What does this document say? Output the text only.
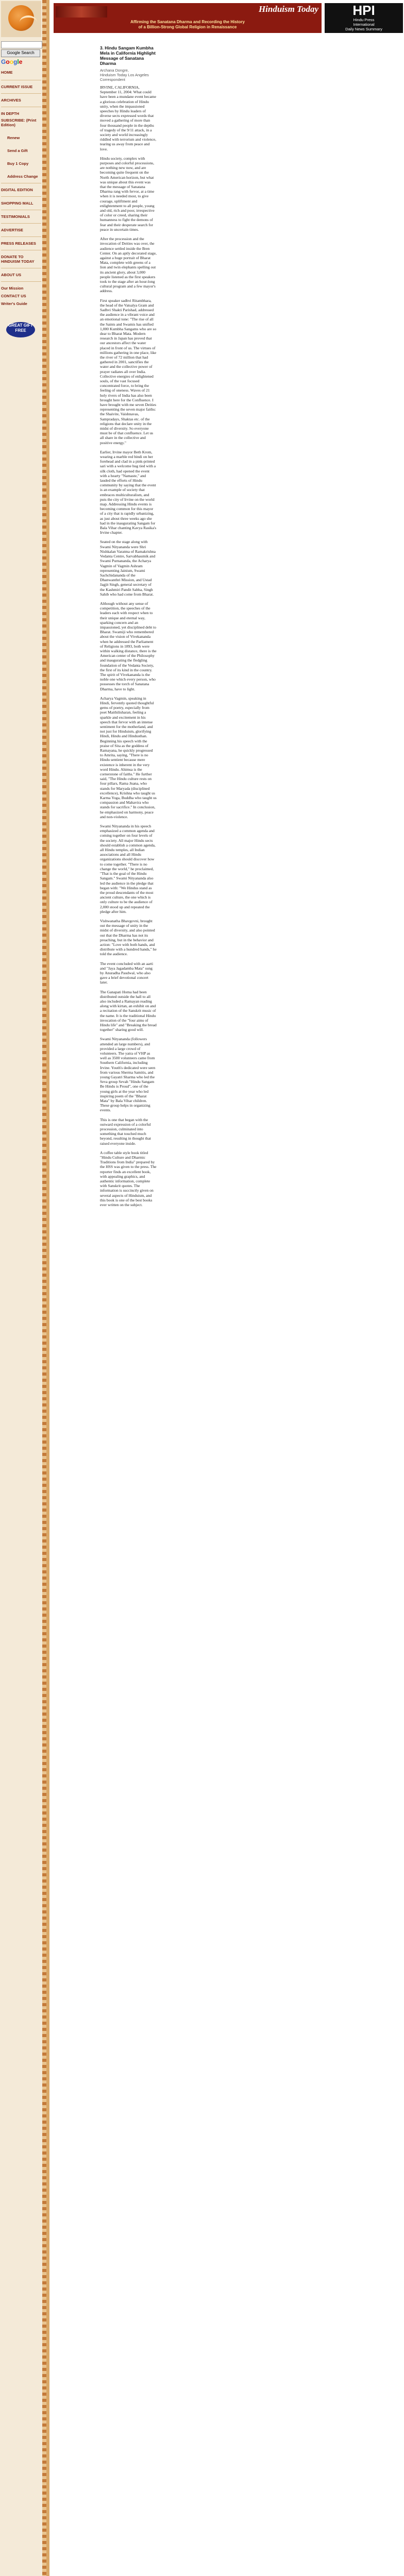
Google Search
Google
HOME
CURRENT ISSUE
ARCHIVES
IN DEPTH
SUBSCRIBE: (Print Edition)
Renew
Send a Gift
Buy 1 Copy
Address Change
DIGITAL EDITION
SHOPPING MALL
TESTIMONIALS
ADVERTISE
PRESS RELEASES
DONATE TO HINDUISM TODAY
ABOUT US
Our Mission
CONTACT US
Writer's Guide
GREAT GIFT FREE
Hinduism Today
Affirming the Sanatana Dharma and Recording the History
of a Billion-Strong Global Religion in Renaissance
HPI
Hindu Press
International
Daily News Summary
3. Hindu Sangam Kumbha Mela in California Highlight Message of Sanatana Dharma
Archana Dongre,
Hinduism Today Los Angeles
Correspondent

IRVINE, CALIFORNIA, September 11, 2004: What could have been a mundane event became a glorious celebration of Hindu unity, when the impassioned speeches by Hindu leaders of diverse sects expressed words that moved a gathering of more than four thousand people in the depths of tragedy of the 9/11 attack, in a society and world increasingly riddled with terrorism and violence, tearing us away from peace and love.

Hindu society, complex with purposes and colorful processions, are nothing new now, and are becoming quite frequent on the North American horizon, but what was unique about this event was that the message of Sanatana Dharma rang with fervor, at a time when it is needed most, to give courage, upliftment and enlightenment to all people, young and old, rich and poor, irrespective of color or creed, sharing their humanness to fight the demons of fear and their desperate search for peace in uncertain times.

After the procession and the invocation of Deities was over, the audience settled inside the Bren Center. On an aptly decorated stage, against a huge portrait of Bharat Mata, complete with greens of a lion and twin elephants spelling out its ancient glory, about 3,000 people listened as the first speakers took to the stage after an hour-long cultural program and a few mayor's address.

First speaker sadhvi Ritambhara, the head of the Vatsalya Gram and Sadhvi Shakti Parishad, addressed the audience in a vibrant voice and an emotional tone: "The rise of all the Saints and Swamis has unified 1,000 Kumbha Sangams who are so dear to Bharat Mata. Modern research in Japan has proved that our ancestors affect the water placed in front of us. The virtues of millions gathering in one place, like the river of 72 million that had gathered in 2001, sanctifies the water and the collective power of prayer radiates all over India. Collective energies of enlightened souls, of the vast focused concentrated force, to bring the feeling of oneness. Waves of 21 holy rivers of India has also been brought here for the Confluence. I have brought with me seven Deities representing the seven major faiths: the Shaivite, Vaishnavas, Sampradays, Shaktas etc. of the religions that declare unity in the midst of diversity. So everyone must be of that confluence. Let us all share in the collective and positive energy."

Earlier, Irvine mayor Beth Krom, wearing a marble red bindi on her forehead and clad in a pink-printed sari with a welcome hug tied with a silk cloth, had opened the event with a hearty "Namaste," and lauded the efforts of Hindu community by saying that the event is an example of society that embraces multiculturalism, and puts the city of Irvine on the world map. Addressing Hindu events is becoming common for this mayor of a city that is rapidly urbanizing, as just about three weeks ago she had in the inaugurating Sangam for Bala Vihar chanting Kavya Rasika's Irvine chapter.

Seated on the stage along with Swami Nityananda were Shri Nishkalan Varatma of Ramakrishna Vedanta Centre, Sarvabhaumik and Swami Purnananda, the Acharya Vagmin of Vagmin Ashram representing Jainism, Swami Sachchidananda of the Dhanwanthri Mission, and Ustad Jagjit Singh, general secretary of the Kashmiri Pandit Sabha, Singh Sahib who had come from Bharat.

Although without any sense of competition, the speeches of the leaders each with respect when to their unique and eternal way, sparking concern and an impassioned, yet disciplined debt to Bharat. Swamiji who remembered about the vision of Vivekananda when he addressed the Parliament of Religions in 1893, both were within walking distance, there is the American center of the Philosophy and inaugurating the fledgling foundation of the Vedanta Society, the first of its kind in the country. The spirit of Vivekananda is the noble one which every person, who possesses the torch of Sanatana Dharma, have to light.

Acharya Vagmin, speaking in Hindi, fervently quoted thoughtful gems of poetry, especially from poet Maithilisharan, feeling a sparkle and excitement in his speech that fervor with an intense sentiment for the motherland, and not just for Hinduism, glorifying Hindi, Hindu and Hindusthan. Beginning his speech with the praise of Sita as the goddess of Ramayana, he quickly progressed to Amrita, saying, "There is no Hindu sentient because mere existence is inherent in the very word Hindu. Ahimsa is the cornerstone of faiths." He further said, "The Hindu culture rests on four pillars, Rama Jnana, who stands for Maryada (disciplined excellence), Krishna who taught us Karma Yoga, Buddha who taught us compassion and Mahavira who stands for sacrifice." In conclusion, he emphasized on harmony, peace and non-violence.

Swami Nityananda in his speech emphasized a common agenda and coming together on four levels of the society. All major Hindu sects should establish a common agenda, all Hindu temples, all Indian associations and all Hindu organizations should discover how to come together. "There is no change the world," he proclaimed, "That is the goal of the Hindu Sangam." Swami Nityananda also led the audience in the pledge that began with: "We Hindus stand as the proud descendants of the most ancient culture, the one which is only culture to be the audience of 2,000 stood up and repeated the pledge after him.

Vishwanatha Bhavgovni, brought out the message of unity in the midst of diversity, and also pointed out that the Dharma has not its preaching, but in the behavior and action: "Love with both hands, and distribute with a hundred hands," he told the audience.

The event concluded with an aarti and "Jaya Jagadamba Mata" sung by Anuradha Paudwal, who also gave a brief devotional concert later.

The Ganapati Homa had been distributed outside the hall to all also included a Ramayan reading along with kirtan, an exhibit on and a recitation of the Sanskrit music of the name. It is the traditional Hindu invocation of the "four aims of Hindu life" and "Breaking the bread together" sharing good will.

Swami Nityananda (followers attended an large numbers), and provided a large crowd of volunteers. The yatra of VHP as well as 3500 volunteers came from Southern California, including Irvine. Youth's dedicated were seen from various Sherma Samitis, and young Gayatri Sharma who led the Seva group Sevah "Hindu Sangam Be Hindu is Proud", one of the young girls at the year who led inspiring poem of the "Bharat Mata" by Bala Vihar children. These group helps in organizing events.

This is one that began with the outward expression of a colorful procession, culminated into something that touched much beyond, resulting in thought that raised everyone inside.

A coffee table style book titled "Hindu Culture and Dharmic Traditions from India" prepared by the HSS was given to the press. The reporter finds an excellent book, with appealing graphics, and authentic information, complete with Sanskrit quotes. The information is succinctly given on several aspects of Hinduism, and this book is one of the best books ever written on the subject.
